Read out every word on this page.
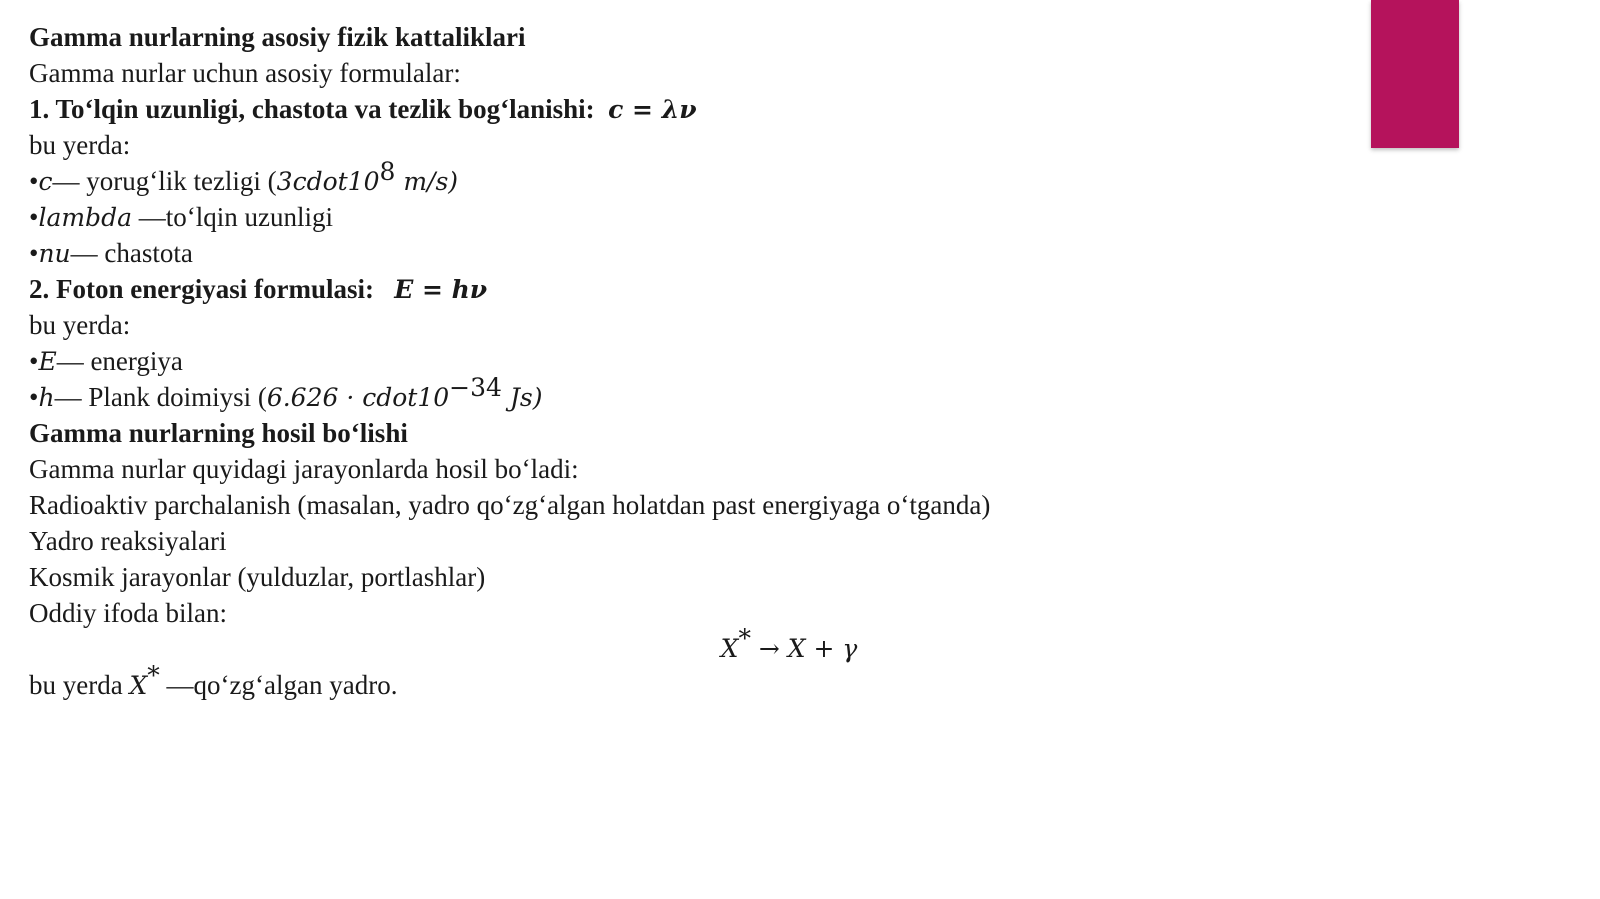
Gamma nurlarning asosiy fizik kattaliklari
Gamma nurlar uchun asosiy formulalar:
1. To‘lqin uzunligi, chastota va tezlik bog‘lanishi: c = λν
bu yerda:
•c— yorug‘lik tezligi ($3cdot10^8$ m/s)
•lambda —to‘lqin uzunligi
•nu— chastota
2. Foton energiyasi formulasi: E = hν
bu yerda:
•E— energiya
•h— Plank doimiysi ($6.626 \cdot cdot10^{-34}$ Js)
Gamma nurlarning hosil bo‘lishi
Gamma nurlar quyidagi jarayonlarda hosil bo‘ladi:
Radioaktiv parchalanish (masalan, yadro qo‘zg‘algan holatdan past energiyaga o‘tganda)
Yadro reaksiyalari
Kosmik jarayonlar (yulduzlar, portlashlar)
Oddiy ifoda bilan:
X* → X + γ
bu yerda X* —qo‘zg‘algan yadro.
